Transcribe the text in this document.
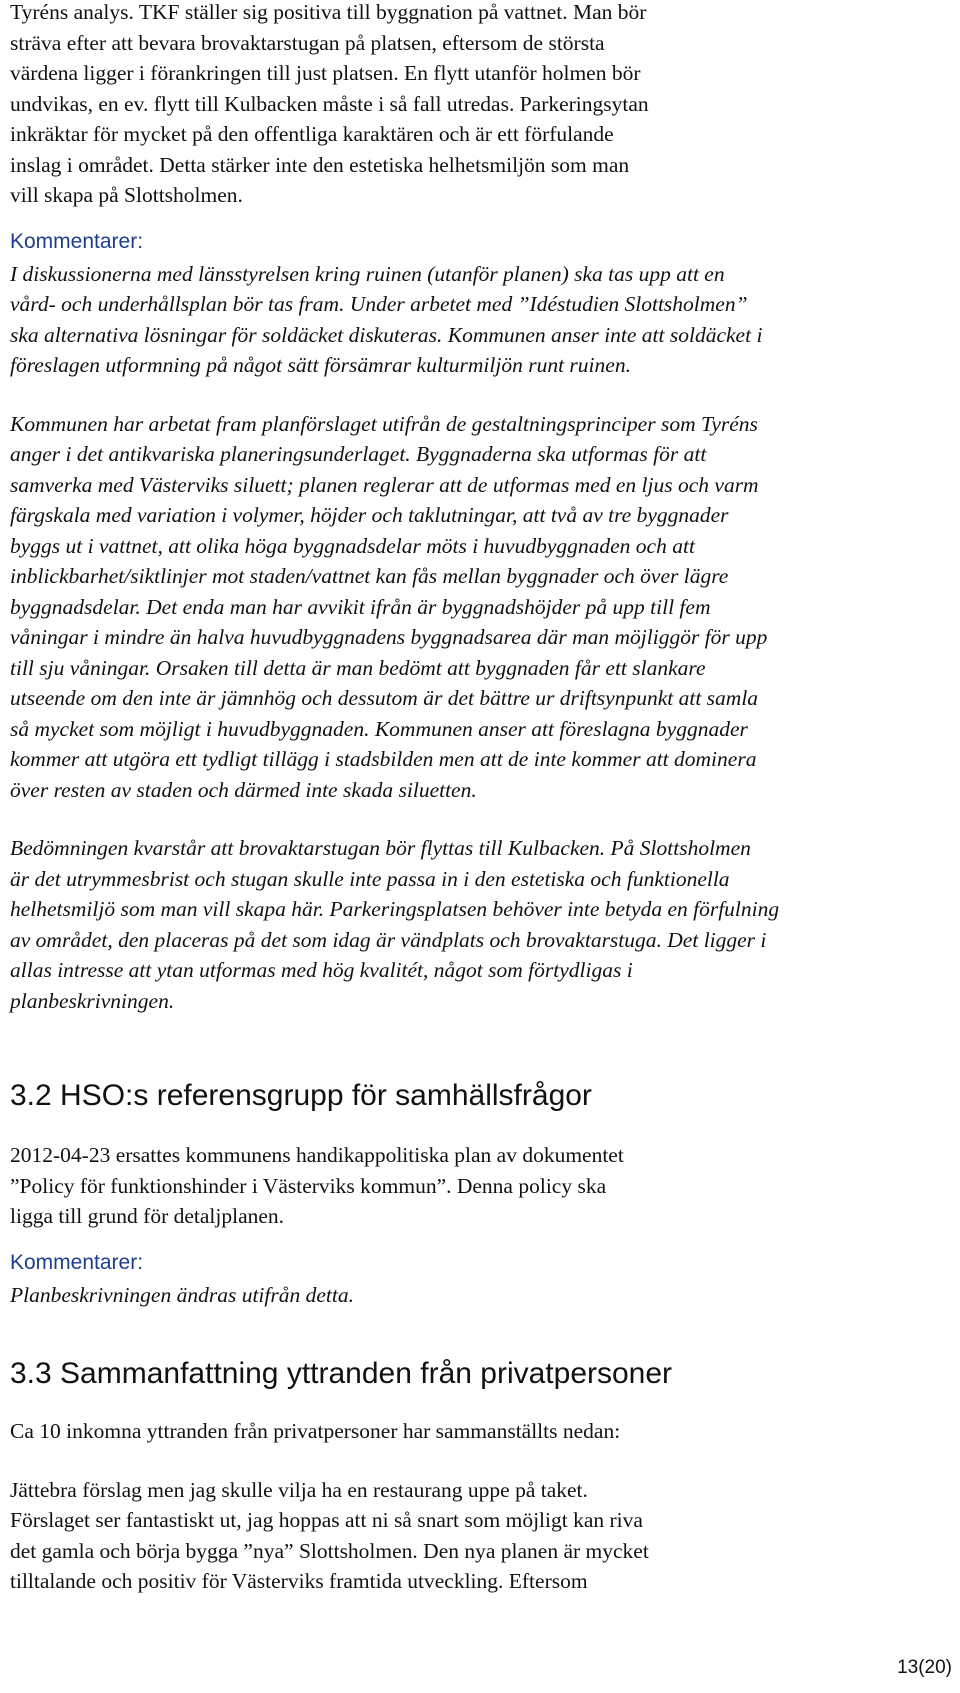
Tyréns analys. TKF ställer sig positiva till byggnation på vattnet. Man bör
sträva efter att bevara brovaktarstugan på platsen, eftersom de största
värdena ligger i förankringen till just platsen. En flytt utanför holmen bör
undvikas, en ev. flytt till Kulbacken måste i så fall utredas. Parkeringsytan
inkräktar för mycket på den offentliga karaktären och är ett förfulande
inslag i området. Detta stärker inte den estetiska helhetsmiljön som man
vill skapa på Slottsholmen.

Kommentarer:

I diskussionerna med länsstyrelsen kring ruinen (utanför planen) ska tas upp att en
vård- och underhållsplan bör tas fram. Under arbetet med ”Idéstudien Slottsholmen”
ska alternativa lösningar för soldäcket diskuteras. Kommunen anser inte att soldäcket i
föreslagen utformning på något sätt försämrar kulturmiljön runt ruinen.
Kommunen har arbetat fram planförslaget utifrån de gestaltningsprinciper som Tyréns
anger i det antikvariska planeringsunderlaget. Byggnaderna ska utformas för att
samverka med Västerviks siluett; planen reglerar att de utformas med en ljus och varm
färgskala med variation i volymer, höjder och taklutningar, att två av tre byggnader
byggs ut i vattnet, att olika höga byggnadsdelar möts i huvudbyggnaden och att
inblickbarhet/siktlinjer mot staden/vattnet kan fås mellan byggnader och över lägre
byggnadsdelar. Det enda man har avvikit ifrån är byggnadshöjder på upp till fem
våningar i mindre än halva huvudbyggnadens byggnadsarea där man möjliggör för upp
till sju våningar. Orsaken till detta är man bedömt att byggnaden får ett slankare
utseende om den inte är jämnhög och dessutom är det bättre ur driftsynpunkt att samla
så mycket som möjligt i huvudbyggnaden. Kommunen anser att föreslagna byggnader
kommer att utgöra ett tydligt tillägg i stadsbilden men att de inte kommer att dominera
över resten av staden och därmed inte skada siluetten.
Bedömningen kvarstår att brovaktarstugan bör flyttas till Kulbacken. På Slottsholmen
är det utrymmesbrist och stugan skulle inte passa in i den estetiska och funktionella
helhetsmiljö som man vill skapa här. Parkeringsplatsen behöver inte betyda en förfulning
av området, den placeras på det som idag är vändplats och brovaktarstuga. Det ligger i
allas intresse att ytan utformas med hög kvalitét, något som förtydligas i
planbeskrivningen.
3.2 HSO:s referensgrupp för samhällsfrågor
2012-04-23 ersattes kommunens handikappolitiska plan av dokumentet
”Policy för funktionshinder i Västerviks kommun”. Denna policy ska
ligga till grund för detaljplanen.

Kommentarer:

Planbeskrivningen ändras utifrån detta.
3.3 Sammanfattning yttranden från privatpersoner
Ca 10 inkomna yttranden från privatpersoner har sammanställts nedan:
Jättebra förslag men jag skulle vilja ha en restaurang uppe på taket.
Förslaget ser fantastiskt ut, jag hoppas att ni så snart som möjligt kan riva
det gamla och börja bygga ”nya” Slottsholmen. Den nya planen är mycket
tilltalande och positiv för Västerviks framtida utveckling. Eftersom
13(20)
